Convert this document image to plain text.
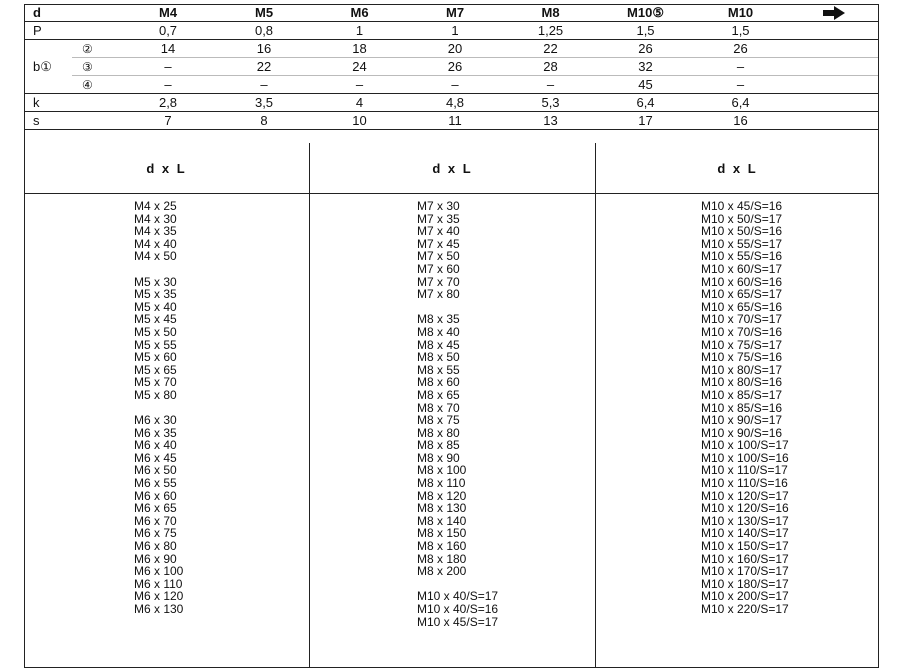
d		M4	M5	M6	M7	M8	M10⑤	M10	
P		0,7	0,8	1	1	1,25	1,5	1,5	
b①	②	14	16	18	20	22	26	26	
	③	–	22	24	26	28	32	–	
	④	–	–	–	–	–	45	–	
k		2,8	3,5	4	4,8	5,3	6,4	6,4	
s		7	8	10	11	13	17	16	
d x L
M4 x 25
M4 x 30
M4 x 35
M4 x 40
M4 x 50
M5 x 30
M5 x 35
M5 x 40
M5 x 45
M5 x 50
M5 x 55
M5 x 60
M5 x 65
M5 x 70
M5 x 80
M6 x 30
M6 x 35
M6 x 40
M6 x 45
M6 x 50
M6 x 55
M6 x 60
M6 x 65
M6 x 70
M6 x 75
M6 x 80
M6 x 90
M6 x 100
M6 x 110
M6 x 120
M6 x 130
d x L
M7 x 30
M7 x 35
M7 x 40
M7 x 45
M7 x 50
M7 x 60
M7 x 70
M7 x 80
M8 x 35
M8 x 40
M8 x 45
M8 x 50
M8 x 55
M8 x 60
M8 x 65
M8 x 70
M8 x 75
M8 x 80
M8 x 85
M8 x 90
M8 x 100
M8 x 110
M8 x 120
M8 x 130
M8 x 140
M8 x 150
M8 x 160
M8 x 180
M8 x 200
M10 x 40/S=17
M10 x 40/S=16
M10 x 45/S=17
d x L
M10 x 45/S=16
M10 x 50/S=17
M10 x 50/S=16
M10 x 55/S=17
M10 x 55/S=16
M10 x 60/S=17
M10 x 60/S=16
M10 x 65/S=17
M10 x 65/S=16
M10 x 70/S=17
M10 x 70/S=16
M10 x 75/S=17
M10 x 75/S=16
M10 x 80/S=17
M10 x 80/S=16
M10 x 85/S=17
M10 x 85/S=16
M10 x 90/S=17
M10 x 90/S=16
M10 x 100/S=17
M10 x 100/S=16
M10 x 110/S=17
M10 x 110/S=16
M10 x 120/S=17
M10 x 120/S=16
M10 x 130/S=17
M10 x 140/S=17
M10 x 150/S=17
M10 x 160/S=17
M10 x 170/S=17
M10 x 180/S=17
M10 x 200/S=17
M10 x 220/S=17
